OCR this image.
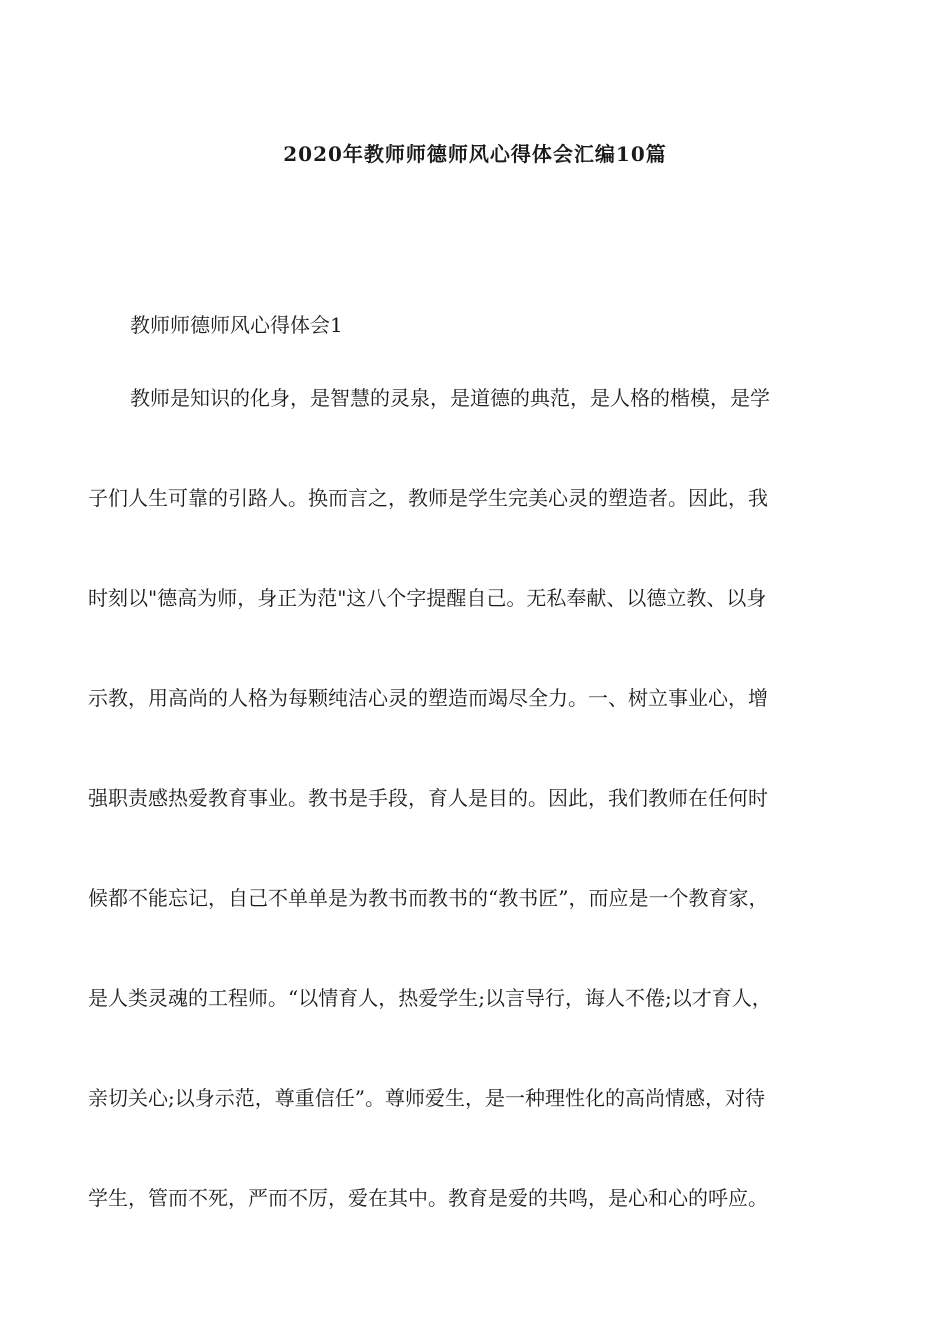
2020年教师师德师风心得体会汇编10篇

教师师德师风心得体会1

教师是知识的化身，是智慧的灵泉，是道德的典范，是人格的楷模，是学

子们人生可靠的引路人。换而言之，教师是学生完美心灵的塑造者。因此，我

时刻以"德高为师，身正为范"这八个字提醒自己。无私奉献、以德立教、以身

示教，用高尚的人格为每颗纯洁心灵的塑造而竭尽全力。一、树立事业心，增

强职责感热爱教育事业。教书是手段，育人是目的。因此，我们教师在任何时

候都不能忘记，自己不单单是为教书而教书的“教书匠”，而应是一个教育家，

是人类灵魂的工程师。“以情育人，热爱学生;以言导行，诲人不倦;以才育人，

亲切关心;以身示范，尊重信任”。尊师爱生，是一种理性化的高尚情感，对待

学生，管而不死，严而不厉，爱在其中。教育是爱的共鸣，是心和心的呼应。
